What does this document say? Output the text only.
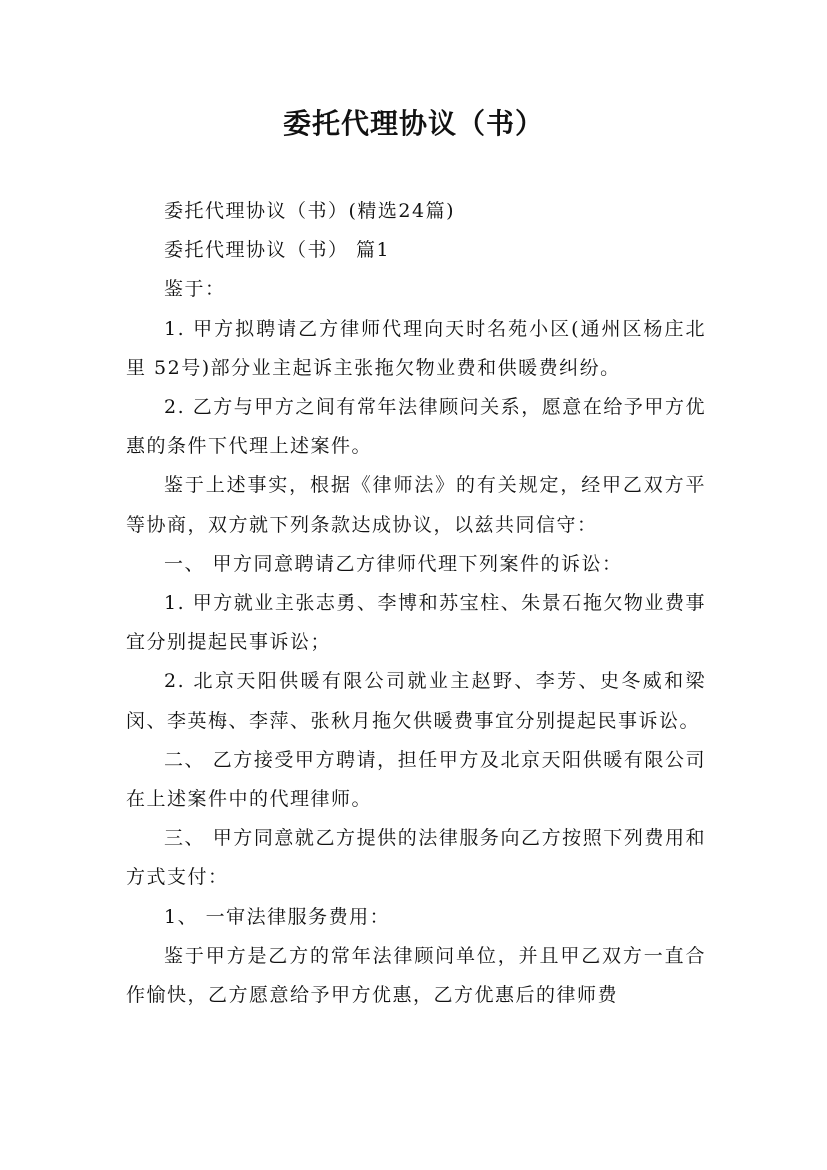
委托代理协议（书）

委托代理协议（书）(精选24篇)

委托代理协议（书） 篇1

鉴于：

1. 甲方拟聘请乙方律师代理向天时名苑小区(通州区杨庄北里 52号)部分业主起诉主张拖欠物业费和供暖费纠纷。

2. 乙方与甲方之间有常年法律顾问关系，愿意在给予甲方优惠的条件下代理上述案件。

鉴于上述事实，根据《律师法》的有关规定，经甲乙双方平等协商，双方就下列条款达成协议，以兹共同信守：

一、 甲方同意聘请乙方律师代理下列案件的诉讼：

1. 甲方就业主张志勇、李博和苏宝柱、朱景石拖欠物业费事宜分别提起民事诉讼；

2. 北京天阳供暖有限公司就业主赵野、李芳、史冬威和梁闵、李英梅、李萍、张秋月拖欠供暖费事宜分别提起民事诉讼。

二、 乙方接受甲方聘请，担任甲方及北京天阳供暖有限公司在上述案件中的代理律师。

三、 甲方同意就乙方提供的法律服务向乙方按照下列费用和方式支付：

1、 一审法律服务费用：

鉴于甲方是乙方的常年法律顾问单位，并且甲乙双方一直合作愉快，乙方愿意给予甲方优惠，乙方优惠后的律师费
